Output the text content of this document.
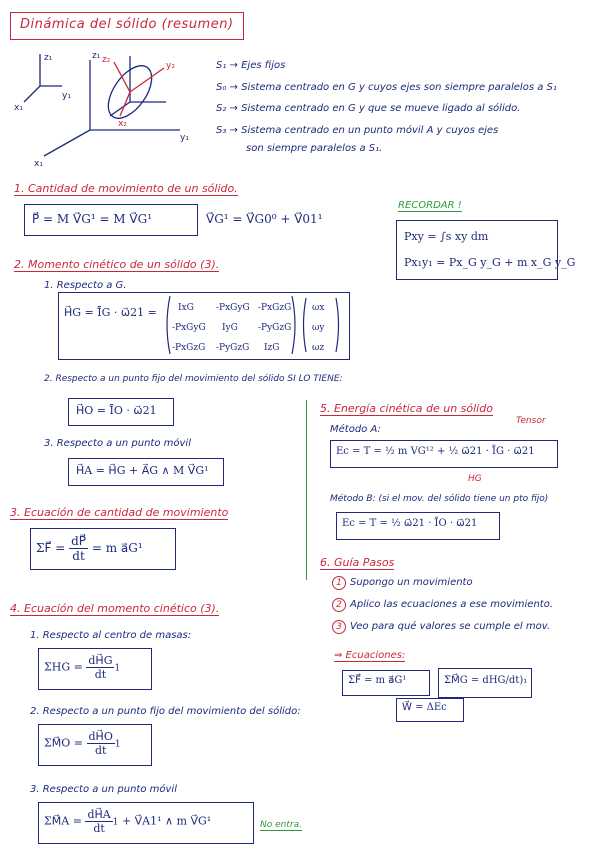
Dinámica del sólido (resumen)
z₁
x₁
y₁
z₁ z₂
y₂
x₂
y₁
x₁
S₁ → Ejes fijos
S₀ → Sistema centrado en G y cuyos ejes son siempre paralelos a S₁
S₂ → Sistema centrado en G y que se mueve ligado al sólido.
S₃ → Sistema centrado en un punto móvil A y cuyos ejes
son siempre paralelos a S₁.
1. Cantidad de movimiento de un sólido.
P⃗ = M V⃗G¹ = M V⃗G¹	V⃗G¹ = V⃗G0⁰ + V⃗01¹
RECORDAR !
Pxy = ∫s xy dm
Px₁y₁ = Px_G y_G + m x_G y_G
2. Momento cinético de un sólido (3).
1. Respecto a G.
H⃗G = Ī̄G · ω⃗21 = IxG -PxGyG -PxGzG
-PxGyG IyG -PyGzG
-PxGzG -PyGzG IzG
ωx
ωy
ωz
2. Respecto a un punto fijo del movimiento del sólido SI LO TIENE:
H⃗O = Ī̄O · ω⃗21
3. Respecto a un punto móvil
H⃗A = H⃗G + A⃗G ∧ M V⃗G¹
3. Ecuación de cantidad de movimiento
ΣF⃗ = $\frac{dP⃗}{dt} = m$ a⃗G¹
4. Ecuación del momento cinético (3).
1. Respecto al centro de masas:
$\Sigma HG = \frac{dH⃗G}{dt} 1$
2. Respecto a un punto fijo del movimiento del sólido:
ΣM⃗O = $\frac{dH⃗O}{dt} 1$
3. Respecto a un punto móvil
ΣM⃗A = $\frac{dH⃗A}{dt} 1$ + V⃗A1¹ ∧ m V⃗G¹	No entra.
5. Energía cinética de un sólido
Método A:
Tensor
Ec = T = ½ m VG¹² + ½ ω⃗21 · Ī̄G · ω⃗21
HG
Método B: (si el mov. del sólido tiene un pto fijo)
Ec = T = ½ ω⃗21 · Ī̄O · ω⃗21
6. Guía Pasos
1 Supongo un movimiento
2 Aplico las ecuaciones a ese movimiento.
3 Veo para qué valores se cumple el mov.
⇒ Ecuaciones:
ΣF⃗ = m a⃗G¹	ΣM⃗G = dHG/dt)₁
W⃗ = ΔEc
